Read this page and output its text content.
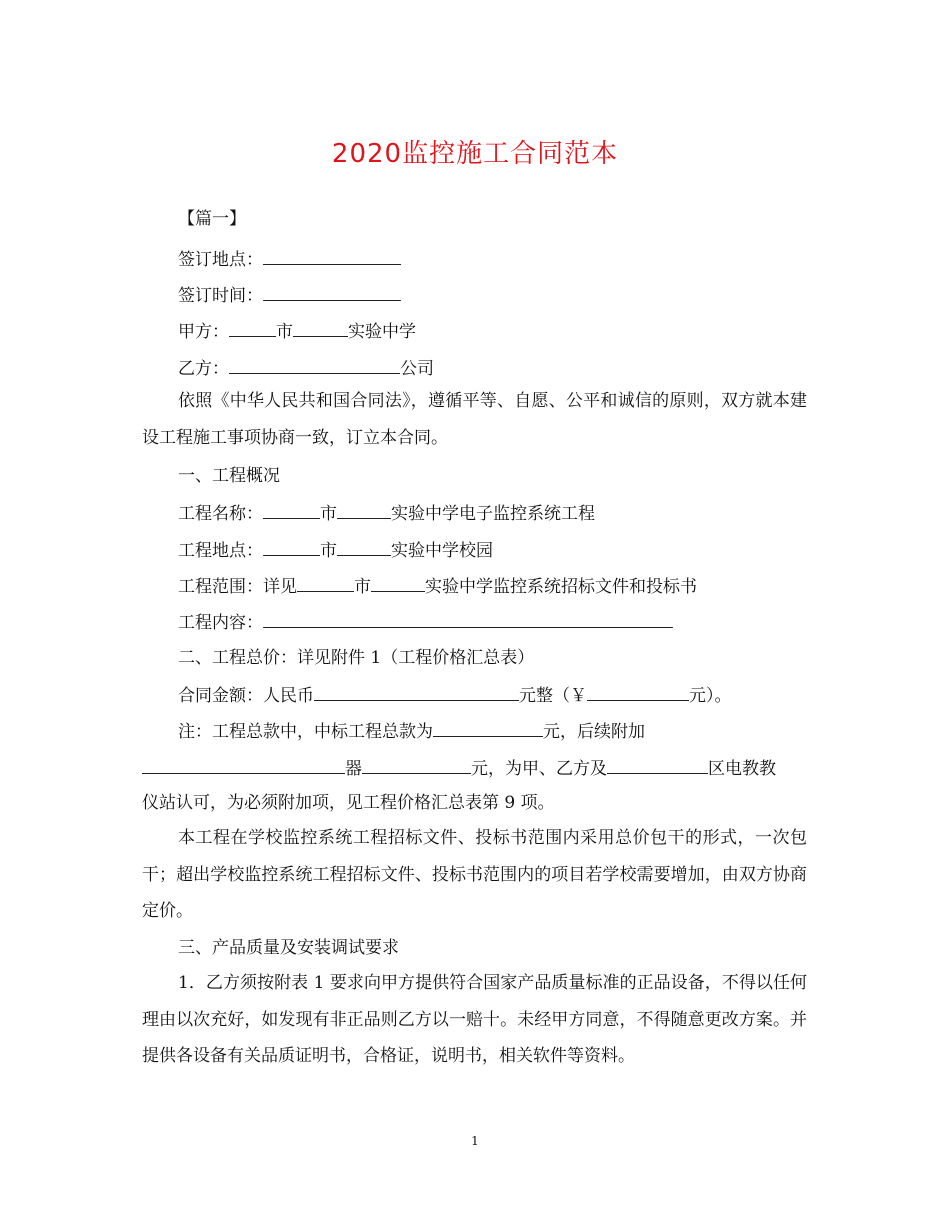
2020监控施工合同范本
【篇一】
签订地点：
签订时间：
甲方：	市	实验中学
乙方：	公司
依照《中华人民共和国合同法》，遵循平等、自愿、公平和诚信的原则，双方就本建设工程施工事项协商一致，订立本合同。
一、工程概况
工程名称：	市	实验中学电子监控系统工程
工程地点：	市	实验中学校园
工程范围：详见	市	实验中学监控系统招标文件和投标书
工程内容：
二、工程总价：详见附件 1（工程价格汇总表）
合同金额：人民币	元整（￥	元）。
注：工程总款中，中标工程总款为	元，后续附加
器	元，为甲、乙方及	区电教教
仪站认可，为必须附加项，见工程价格汇总表第 9 项。
本工程在学校监控系统工程招标文件、投标书范围内采用总价包干的形式，一次包干；超出学校监控系统工程招标文件、投标书范围内的项目若学校需要增加，由双方协商定价。
三、产品质量及安装调试要求
1．乙方须按附表 1 要求向甲方提供符合国家产品质量标准的正品设备，不得以任何理由以次充好，如发现有非正品则乙方以一赔十。未经甲方同意，不得随意更改方案。并提供各设备有关品质证明书，合格证，说明书，相关软件等资料。
1
